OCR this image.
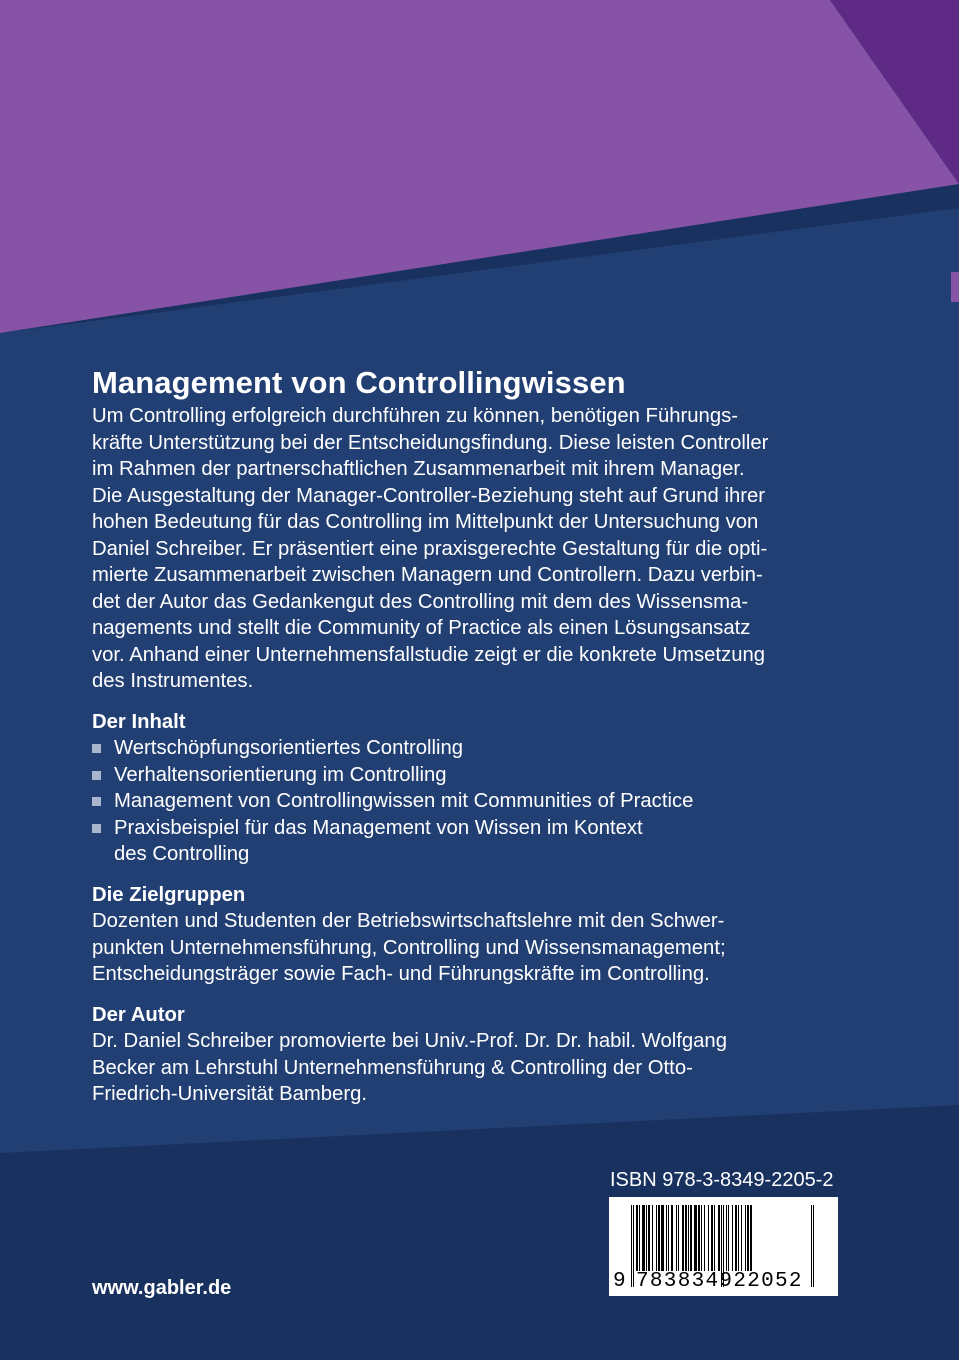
Management von Controllingwissen

Um Controlling erfolgreich durchführen zu können, benötigen Führungs-
kräfte Unterstützung bei der Entscheidungsfindung. Diese leisten Controller
im Rahmen der partnerschaftlichen Zusammenarbeit mit ihrem Manager.
Die Ausgestaltung der Manager-Controller-Beziehung steht auf Grund ihrer
hohen Bedeutung für das Controlling im Mittelpunkt der Untersuchung von
Daniel Schreiber. Er präsentiert eine praxisgerechte Gestaltung für die opti-
mierte Zusammenarbeit zwischen Managern und Controllern. Dazu verbin-
det der Autor das Gedankengut des Controlling mit dem des Wissensma-
nagements und stellt die Community of Practice als einen Lösungsansatz
vor. Anhand einer Unternehmensfallstudie zeigt er die konkrete Umsetzung
des Instrumentes.

Der Inhalt
Wertschöpfungsorientiertes Controlling
Verhaltensorientierung im Controlling
Management von Controllingwissen mit Communities of Practice
Praxisbeispiel für das Management von Wissen im Kontext
des Controlling
Die Zielgruppen

Dozenten und Studenten der Betriebswirtschaftslehre mit den Schwer-
punkten Unternehmensführung, Controlling und Wissensmanagement;
Entscheidungsträger sowie Fach- und Führungskräfte im Controlling.

Der Autor

Dr. Daniel Schreiber promovierte bei Univ.-Prof. Dr. Dr. habil. Wolfgang
Becker am Lehrstuhl Unternehmensführung & Controlling der Otto-
Friedrich-Universität Bamberg.

www.gabler.de
ISBN 978-3-8349-2205-2
9 783834922052
